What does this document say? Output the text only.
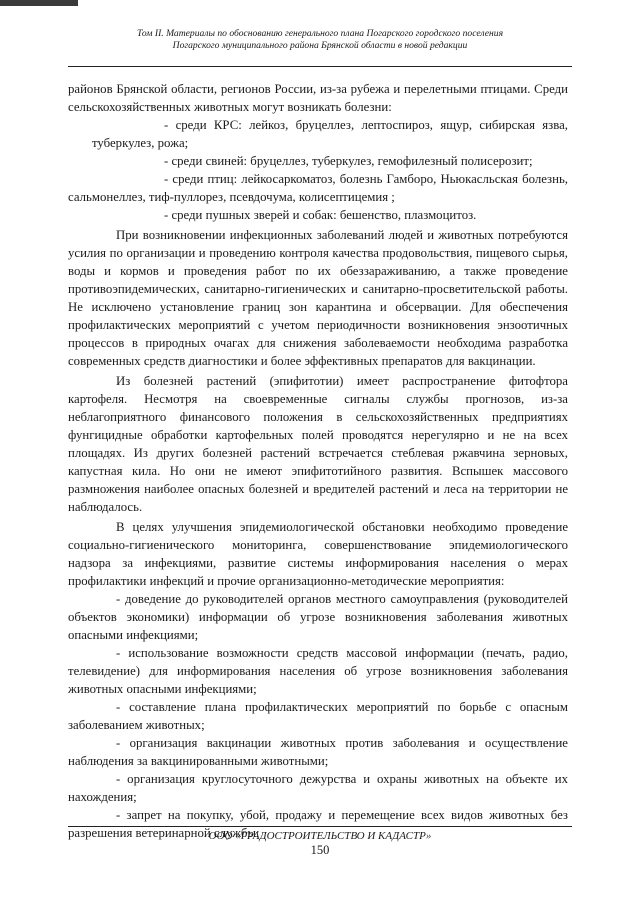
Том II. Материалы по обоснованию генерального плана Погарского городского поселения
Погарского муниципального района Брянской области в новой редакции

районов Брянской области, регионов России, из-за рубежа и перелетными птицами. Среди сельскохозяйственных животных могут возникать болезни:

- среди КРС: лейкоз, бруцеллез, лептоспироз, ящур, сибирская язва, туберкулез, рожа;

- среди свиней: бруцеллез, туберкулез, гемофилезный полисерозит;

- среди птиц: лейкосаркоматоз, болезнь Гамборо, Ньюкасльская болезнь, сальмонеллез, тиф-пуллорез, псевдочума, колисептицемия ;

- среди пушных зверей и собак: бешенство, плазмоцитоз.

При возникновении инфекционных заболеваний людей и животных потребуются усилия по организации и проведению контроля качества продовольствия, пищевого сырья, воды и кормов и проведения работ по их обеззараживанию, а также проведение противоэпидемических, санитарно-гигиенических и санитарно-просветительской работы. Не исключено установление границ зон карантина и обсервации. Для обеспечения профилактических мероприятий с учетом периодичности возникновения энзоотичных процессов в природных очагах для снижения заболеваемости необходима разработка современных средств диагностики и более эффективных препаратов для вакцинации.

Из болезней растений (эпифитотии) имеет распространение фитофтора картофеля. Несмотря на своевременные сигналы службы прогнозов, из-за неблагоприятного финансового положения в сельскохозяйственных предприятиях фунгицидные обработки картофельных полей проводятся нерегулярно и не на всех площадях. Из других болезней растений встречается стеблевая ржавчина зерновых, капустная кила. Но они не имеют эпифитотийного развития. Вспышек массового размножения наиболее опасных болезней и вредителей растений и леса на территории не наблюдалось.

В целях улучшения эпидемиологической обстановки необходимо проведение социально-гигиенического мониторинга, совершенствование эпидемиологического надзора за инфекциями, развитие системы информирования населения о мерах профилактики инфекций и прочие организационно-методические мероприятия:

- доведение до руководителей органов местного самоуправления (руководителей объектов экономики) информации об угрозе возникновения заболевания животных опасными инфекциями;

- использование возможности средств массовой информации (печать, радио, телевидение) для информирования населения об угрозе возникновения заболевания животных опасными инфекциями;

- составление плана профилактических мероприятий по борьбе с опасным заболеванием животных;

- организация вакцинации животных против заболевания и осуществление наблюдения за вакцинированными животными;

- организация круглосуточного дежурства и охраны животных на объекте их нахождения;

- запрет на покупку, убой, продажу и перемещение всех видов животных без разрешения ветеринарной службы;

ООО «ГРАДОСТРОИТЕЛЬСТВО И КАДАСТР»
150
